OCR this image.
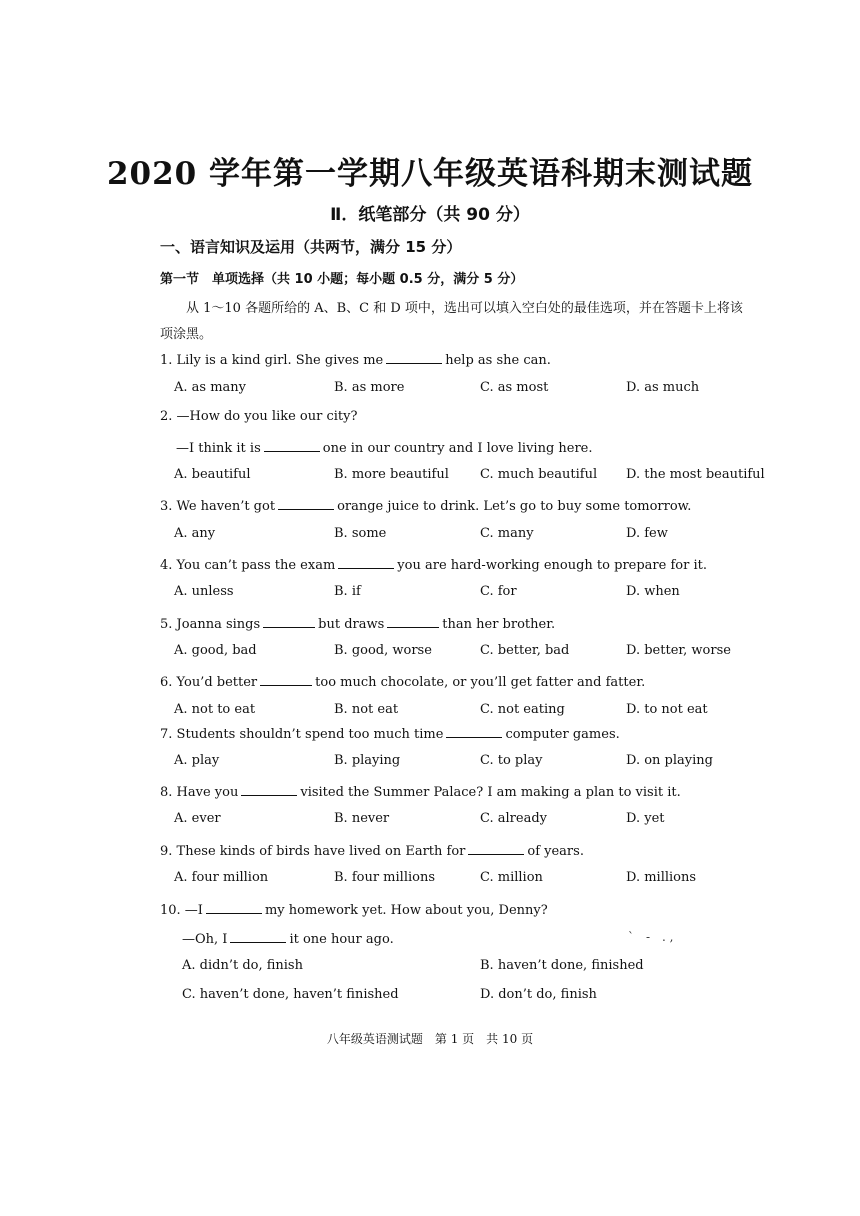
2020 学年第一学期八年级英语科期末测试题
Ⅱ．纸笔部分（共 90 分）
一、语言知识及运用（共两节，满分 15 分）
第一节　单项选择（共 10 小题；每小题 0.5 分，满分 5 分）
从 1～10 各题所给的 A、B、C 和 D 项中，选出可以填入空白处的最佳选项，并在答题卡上将该项涂黑。
1. Lily is a kind girl. She gives me	help as she can.
A. as many	B. as more	C. as most	D. as much
2. —How do you like our city?
—I think it is	one in our country and I love living here.
A. beautiful	B. more beautiful C. much beautiful D. the most beautiful
3. We haven’t got	orange juice to drink. Let’s go to buy some tomorrow.
A. any	B. some	C. many	D. few
4. You can’t pass the exam	you are hard-working enough to prepare for it.
A. unless	B. if	C. for	D. when
5. Joanna sings	but draws	than her brother.
A. good, bad	B. good, worse	C. better, bad	D. better, worse
6. You’d better	too much chocolate, or you’ll get fatter and fatter.
A. not to eat	B. not eat	C. not eating	D. to not eat
7. Students shouldn’t spend too much time	computer games.
A. play	B. playing	C. to play	D. on playing
8. Have you	visited the Summer Palace? I am making a plan to visit it.
A. ever	B. never	C. already	D. yet
9. These kinds of birds have lived on Earth for	of years.
A. four million	B. four millions	C. million	D. millions
10. —I	my homework yet. How about you, Denny?
—Oh, I	it one hour ago.	ˋ　-　. ,
A. didn’t do, finish	B. haven’t done, finished
C. haven’t done, haven’t finished	D. don’t do, finish
八年级英语测试题　第 1 页　共 10 页
